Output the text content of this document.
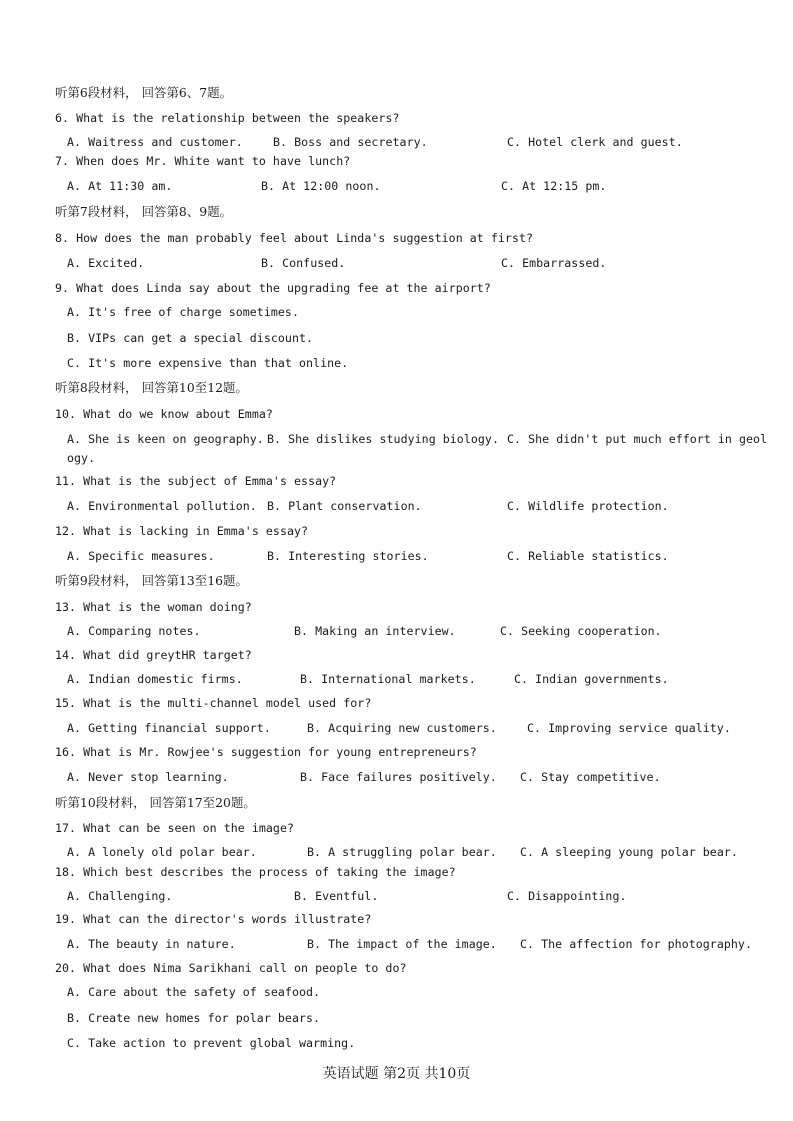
听第6段材料， 回答第6、7题。
6. What is the relationship between the speakers?
A. Waitress and customer.	B. Boss and secretary.	C. Hotel clerk and guest.
7. When does Mr. White want to have lunch?
A. At 11:30 am.	B. At 12:00 noon.	C. At 12:15 pm.
听第7段材料， 回答第8、9题。
8. How does the man probably feel about Linda's suggestion at first?
A. Excited.	B. Confused.	C. Embarrassed.
9. What does Linda say about the upgrading fee at the airport?
A. It's free of charge sometimes.
B. VIPs can get a special discount.
C. It's more expensive than that online.
听第8段材料， 回答第10至12题。
10. What do we know about Emma?
A. She is keen on geography. B. She dislikes studying biology. C. She didn't put much effort in geol
ogy.
11. What is the subject of Emma's essay?
A. Environmental pollution. B. Plant conservation.	C. Wildlife protection.
12. What is lacking in Emma's essay?
A. Specific measures.	B. Interesting stories.	C. Reliable statistics.
听第9段材料， 回答第13至16题。
13. What is the woman doing?
A. Comparing notes.	B. Making an interview.	C. Seeking cooperation.
14. What did greytHR target?
A. Indian domestic firms.	B. International markets.	C. Indian governments.
15. What is the multi-channel model used for?
A. Getting financial support.	B. Acquiring new customers.	C. Improving service quality.
16. What is Mr. Rowjee's suggestion for young entrepreneurs?
A. Never stop learning.	B. Face failures positively. C. Stay competitive.
听第10段材料， 回答第17至20题。
17. What can be seen on the image?
A. A lonely old polar bear.	B. A struggling polar bear. C. A sleeping young polar bear.
18. Which best describes the process of taking the image?
A. Challenging.	B. Eventful.	C. Disappointing.
19. What can the director's words illustrate?
A. The beauty in nature.	B. The impact of the image. C. The affection for photography.
20. What does Nima Sarikhani call on people to do?
A. Care about the safety of seafood.
B. Create new homes for polar bears.
C. Take action to prevent global warming.
英语试题 第2页 共10页
